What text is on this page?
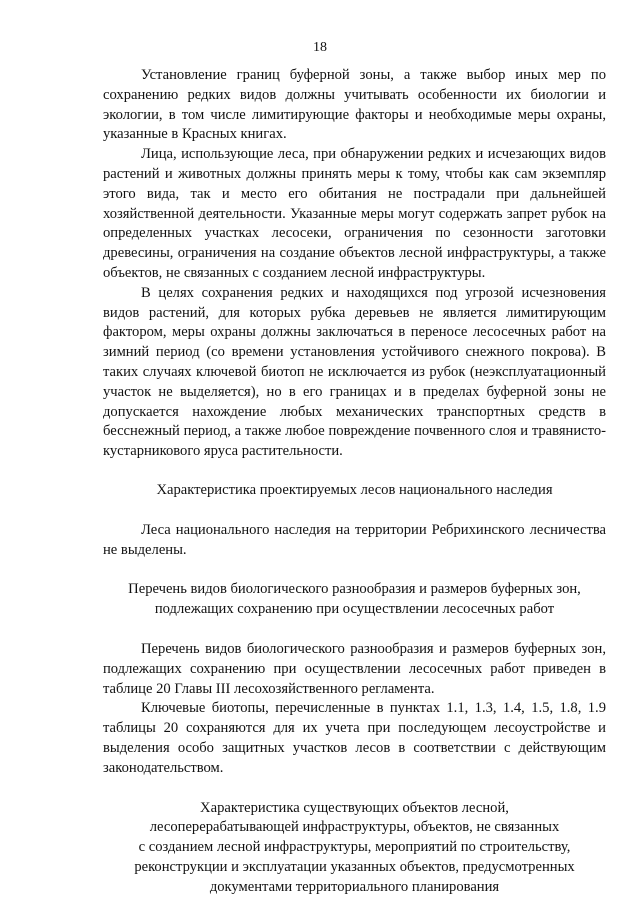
18

Установление границ буферной зоны, а также выбор иных мер по сохранению редких видов должны учитывать особенности их биологии и экологии, в том числе лимитирующие факторы и необходимые меры охраны, указанные в Красных книгах.

Лица, использующие леса, при обнаружении редких и исчезающих видов растений и животных должны принять меры к тому, чтобы как сам экземпляр этого вида, так и место его обитания не пострадали при дальнейшей хозяйственной деятельности. Указанные меры могут содержать запрет рубок на определенных участках лесосеки, ограничения по сезонности заготовки древесины, ограничения на создание объектов лесной инфраструктуры, а также объектов, не связанных с созданием лесной инфраструктуры.

В целях сохранения редких и находящихся под угрозой исчезновения видов растений, для которых рубка деревьев не является лимитирующим фактором, меры охраны должны заключаться в переносе лесосечных работ на зимний период (со времени установления устойчивого снежного покрова). В таких случаях ключевой биотоп не исключается из рубок (неэксплуатационный участок не выделяется), но в его границах и в пределах буферной зоны не допускается нахождение любых механических транспортных средств в бесснежный период, а также любое повреждение почвенного слоя и травянисто-кустарникового яруса растительности.

Характеристика проектируемых лесов национального наследия

Леса национального наследия на территории Ребрихинского лесничества не выделены.

Перечень видов биологического разнообразия и размеров буферных зон,

подлежащих сохранению при осуществлении лесосечных работ

Перечень видов биологического разнообразия и размеров буферных зон, подлежащих сохранению при осуществлении лесосечных работ приведен в таблице 20 Главы III лесохозяйственного регламента.

Ключевые биотопы, перечисленные в пунктах 1.1, 1.3, 1.4, 1.5, 1.8, 1.9 таблицы 20 сохраняются для их учета при последующем лесоустройстве и выделения особо защитных участков лесов в соответствии с действующим законодательством.

Характеристика существующих объектов лесной,

лесоперерабатывающей инфраструктуры, объектов, не связанных

с созданием лесной инфраструктуры, мероприятий по строительству,

реконструкции и эксплуатации указанных объектов, предусмотренных

документами территориального планирования
